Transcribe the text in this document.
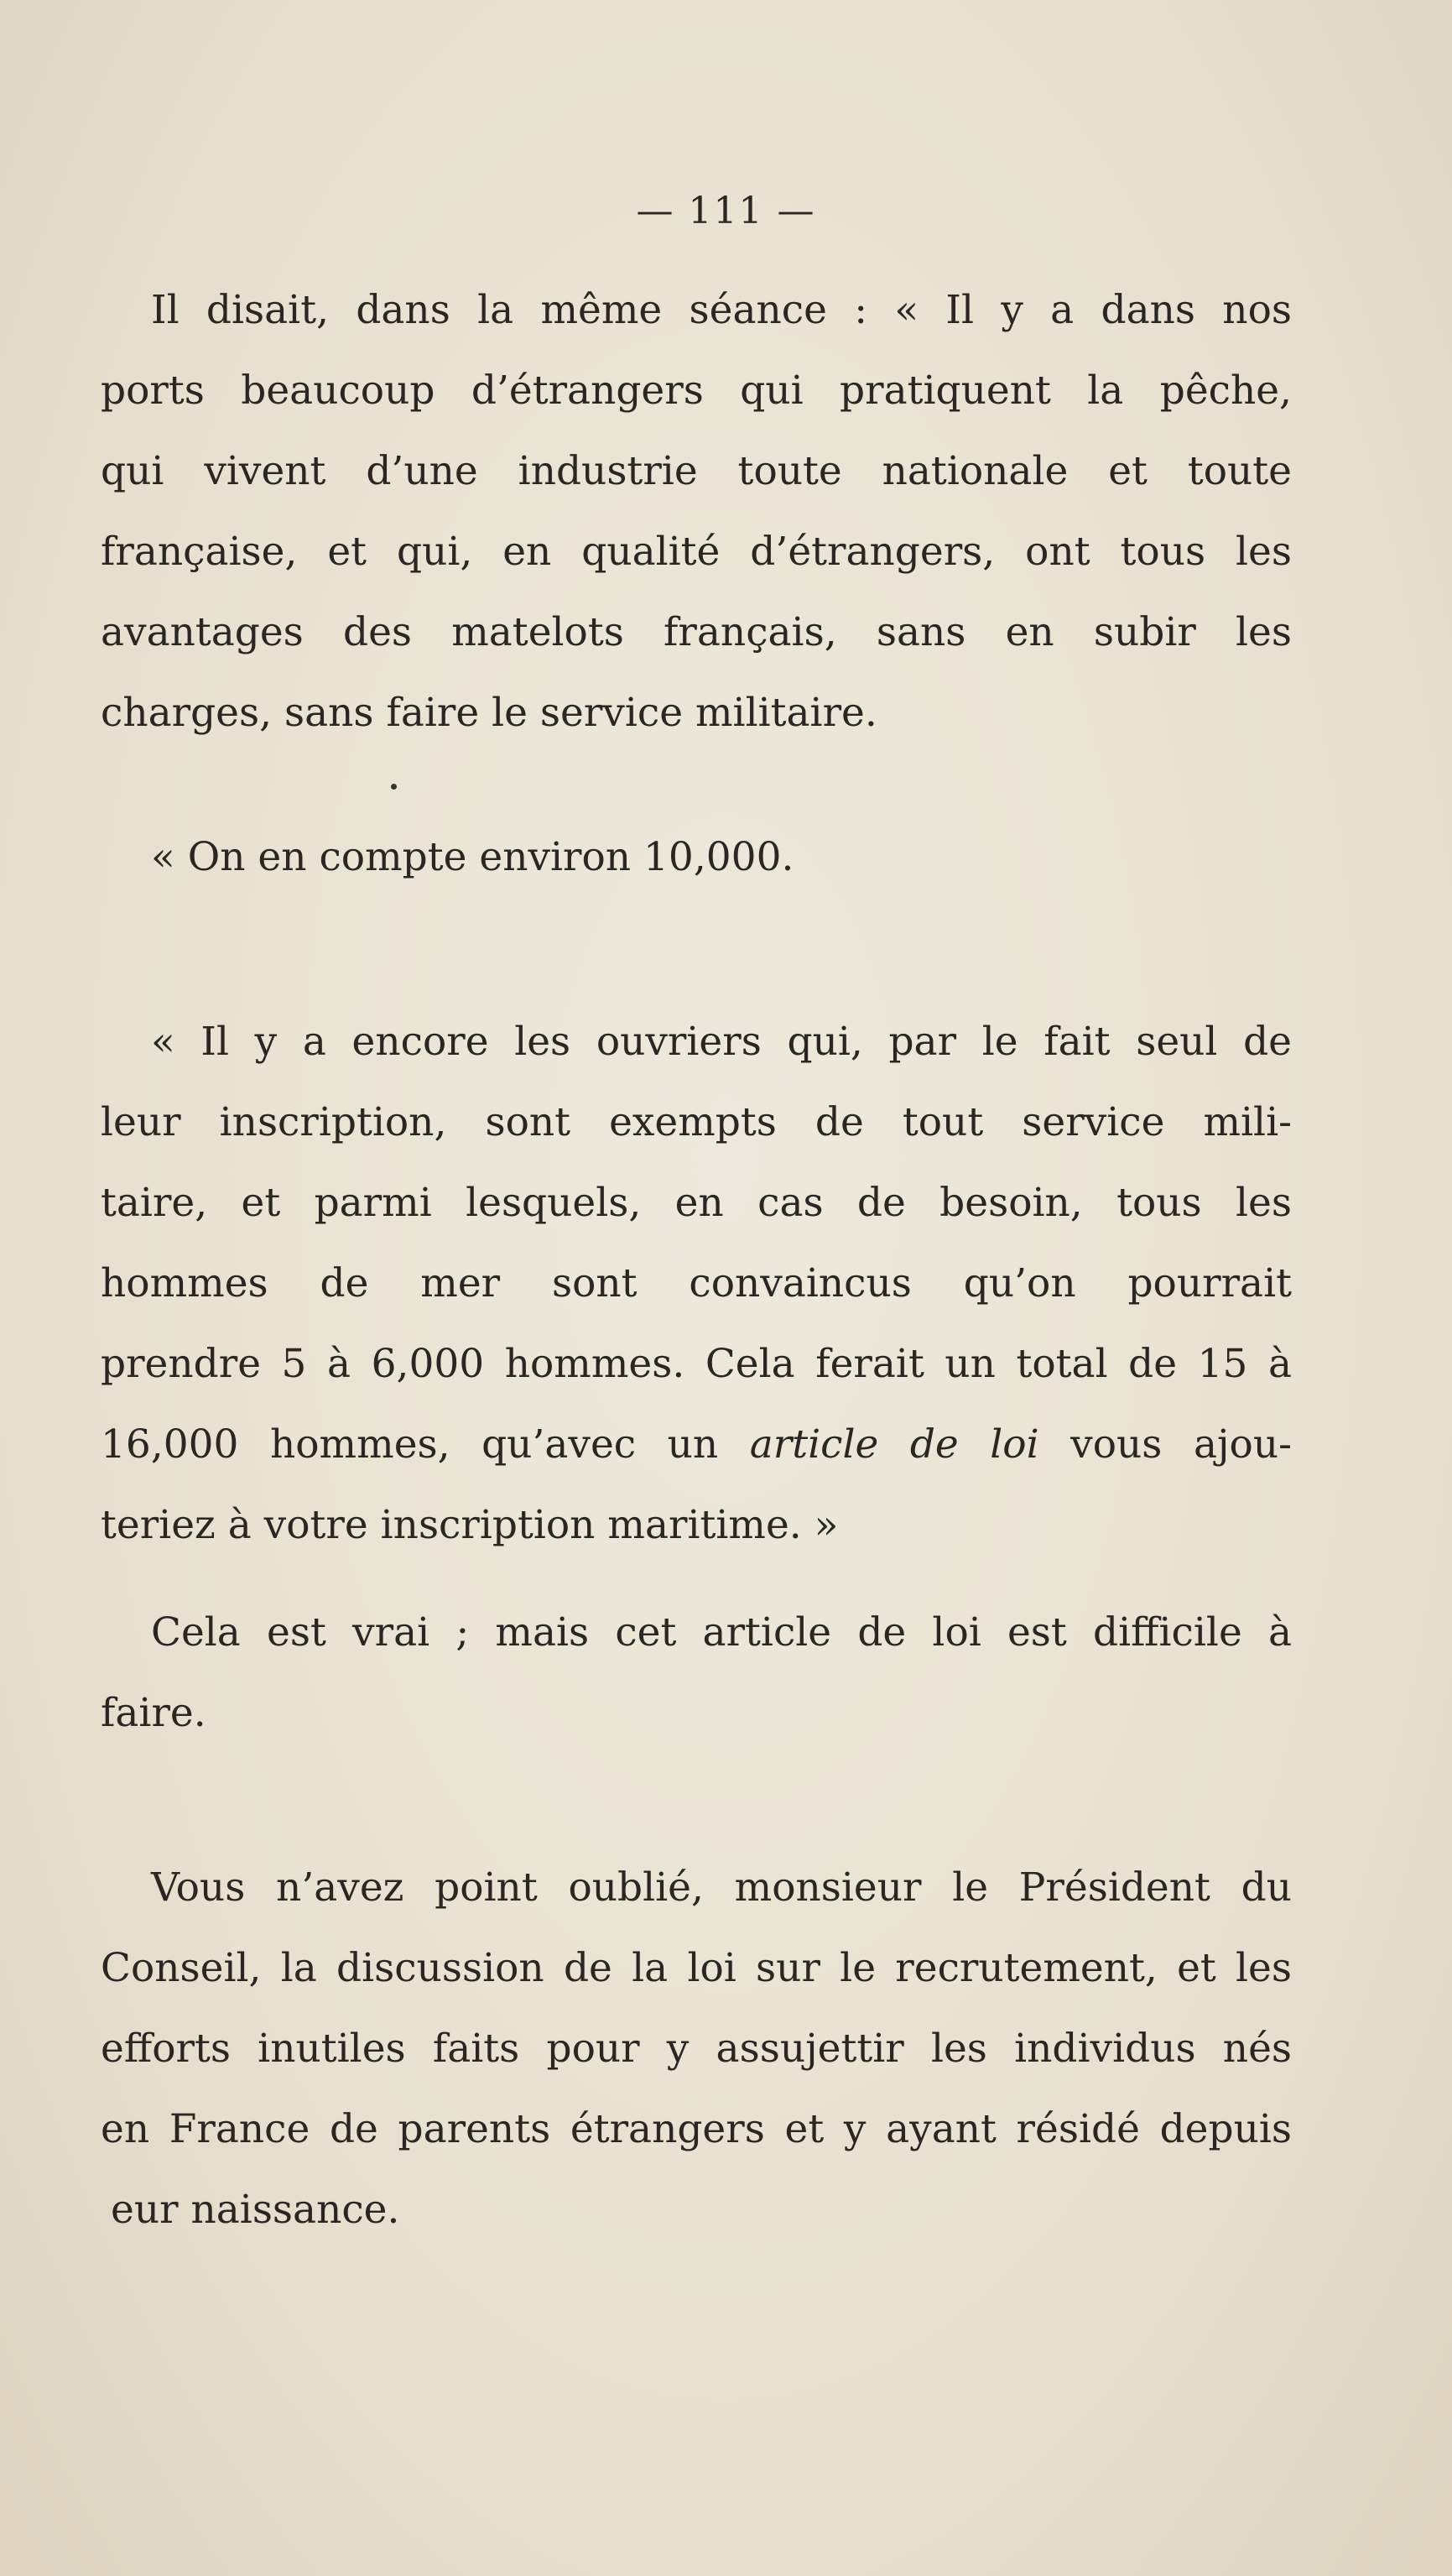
— 111 —
Il disait, dans la même séance : « Il y a dans nos
ports beaucoup d’étrangers qui pratiquent la pêche,
qui vivent d’une industrie toute nationale et toute
française, et qui, en qualité d’étrangers, ont tous les
avantages des matelots français, sans en subir les
charges, sans faire le service militaire.
« On en compte environ 10,000.
« Il y a encore les ouvriers qui, par le fait seul de
leur inscription, sont exempts de tout service mili-
taire, et parmi lesquels, en cas de besoin, tous les
hommes de mer sont convaincus qu’on pourrait
prendre 5 à 6,000 hommes. Cela ferait un total de 15 à
16,000 hommes, qu’avec un article de loi vous ajou-
teriez à votre inscription maritime. »
Cela est vrai ; mais cet article de loi est difficile à
faire.
Vous n’avez point oublié, monsieur le Président du
Conseil, la discussion de la loi sur le recrutement, et les
efforts inutiles faits pour y assujettir les individus nés
en France de parents étrangers et y ayant résidé depuis
eur naissance.
